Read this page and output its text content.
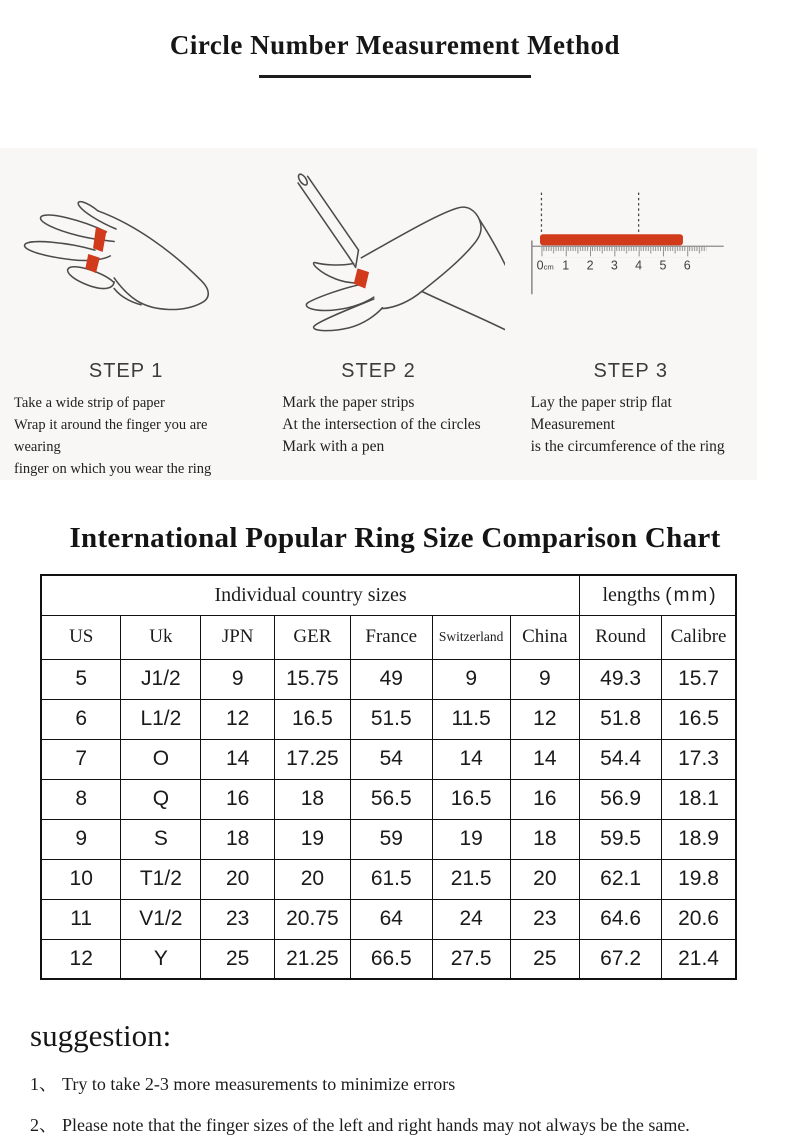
Circle Number Measurement Method
STEP 1

Take a wide strip of paper

Wrap it around the finger you are wearing

finger on which you wear the ring

STEP 2

Mark the paper strips

At the intersection of the circles

Mark with a pen

0cm 1 2 3 4 5 6
STEP 3

Lay the paper strip flat

Measurement

is the circumference of the ring

International Popular Ring Size Comparison Chart
Individual country sizes							lengths (mm)	
US	Uk	JPN	GER	France	Switzerland	China	Round	Calibre
5	J1/2	9	15.75	49	9	9	49.3	15.7
6	L1/2	12	16.5	51.5	11.5	12	51.8	16.5
7	O	14	17.25	54	14	14	54.4	17.3
8	Q	16	18	56.5	16.5	16	56.9	18.1
9	S	18	19	59	19	18	59.5	18.9
10	T1/2	20	20	61.5	21.5	20	62.1	19.8
11	V1/2	23	20.75	64	24	23	64.6	20.6
12	Y	25	21.25	66.5	27.5	25	67.2	21.4
suggestion:
1、 Try to take 2-3 more measurements to minimize errors
2、 Please note that the finger sizes of the left and right hands may not always be the same.
